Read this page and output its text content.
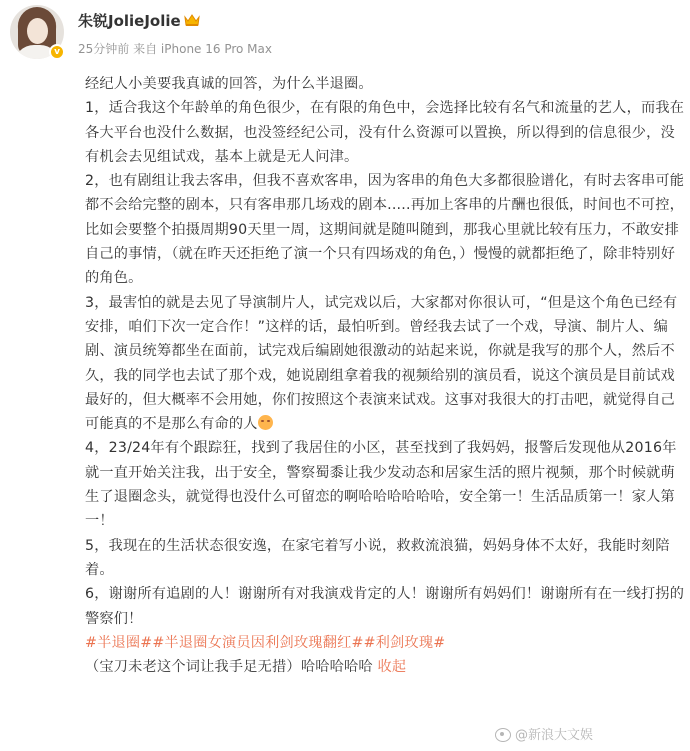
v
朱锐JolieJolie
25分钟前 来自 iPhone 16 Pro Max

经纪人小美要我真诚的回答，为什么半退圈。

1，适合我这个年龄单的角色很少，在有限的角色中，会选择比较有名气和流量的艺人，而我在各大平台也没什么数据，也没签经纪公司，没有什么资源可以置换，所以得到的信息很少，没有机会去见组试戏，基本上就是无人问津。

2，也有剧组让我去客串，但我不喜欢客串，因为客串的角色大多都很脸谱化，有时去客串可能都不会给完整的剧本，只有客串那几场戏的剧本.....再加上客串的片酬也很低，时间也不可控，比如会要整个拍摄周期90天里一周，这期间就是随叫随到，那我心里就比较有压力，不敢安排自己的事情，（就在昨天还拒绝了演一个只有四场戏的角色，）慢慢的就都拒绝了，除非特别好的角色。

3，最害怕的就是去见了导演制片人，试完戏以后，大家都对你很认可，“但是这个角色已经有安排，咱们下次一定合作！”这样的话，最怕听到。曾经我去试了一个戏，导演、制片人、编剧、演员统筹都坐在面前，试完戏后编剧她很激动的站起来说，你就是我写的那个人，然后不久，我的同学也去试了那个戏，她说剧组拿着我的视频给别的演员看，说这个演员是目前试戏最好的，但大概率不会用她，你们按照这个表演来试戏。这事对我很大的打击吧，就觉得自己可能真的不是那么有命的人

4，23/24年有个跟踪狂，找到了我居住的小区，甚至找到了我妈妈，报警后发现他从2016年就一直开始关注我，出于安全，警察蜀黍让我少发动态和居家生活的照片视频，那个时候就萌生了退圈念头，就觉得也没什么可留恋的啊哈哈哈哈哈哈，安全第一！生活品质第一！家人第一！

5，我现在的生活状态很安逸，在家宅着写小说，救救流浪猫，妈妈身体不太好，我能时刻陪着。

6，谢谢所有追剧的人！谢谢所有对我演戏肯定的人！谢谢所有妈妈们！谢谢所有在一线打拐的警察们！

#半退圈##半退圈女演员因利剑玫瑰翻红##利剑玫瑰#

（宝刀未老这个词让我手足无措）哈哈哈哈哈 收起

@新浪大文娱
